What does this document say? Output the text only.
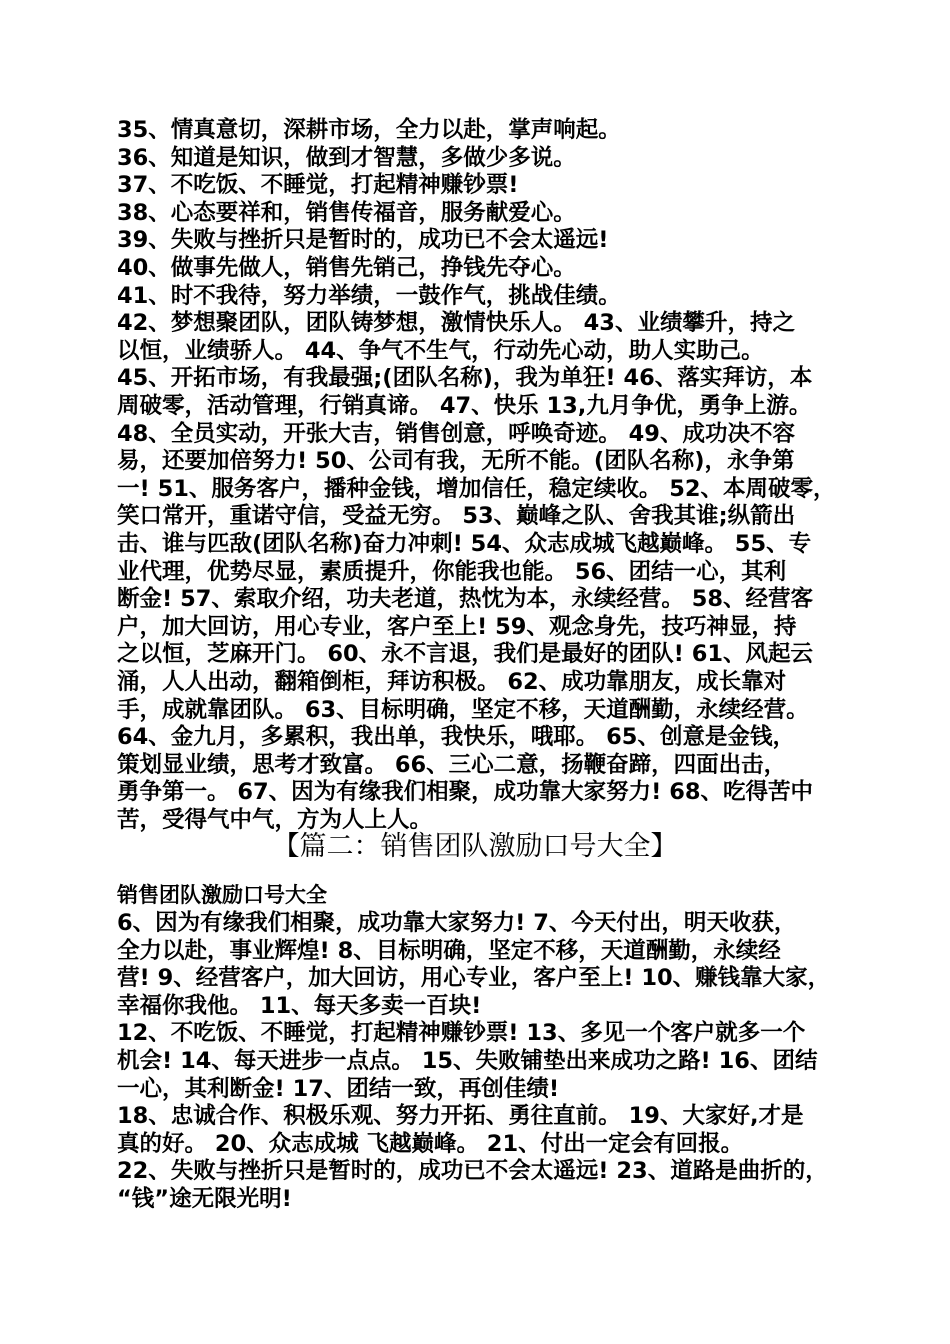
35、情真意切，深耕市场，全力以赴，掌声响起。
36、知道是知识，做到才智慧，多做少多说。
37、不吃饭、不睡觉，打起精神赚钞票!
38、心态要祥和，销售传福音，服务献爱心。
39、失败与挫折只是暂时的，成功已不会太遥远!
40、做事先做人，销售先销己，挣钱先夺心。
41、时不我待，努力举绩，一鼓作气，挑战佳绩。
42、梦想聚团队，团队铸梦想，激情快乐人。 43、业绩攀升，持之
以恒，业绩骄人。 44、争气不生气，行动先心动，助人实助己。
45、开拓市场，有我最强;(团队名称)，我为单狂! 46、落实拜访，本
周破零，活动管理，行销真谛。 47、快乐 13,九月争优，勇争上游。
48、全员实动，开张大吉，销售创意，呼唤奇迹。 49、成功决不容
易，还要加倍努力! 50、公司有我，无所不能。(团队名称)，永争第
一! 51、服务客户，播种金钱，增加信任，稳定续收。 52、本周破零，
笑口常开，重诺守信，受益无穷。 53、巅峰之队、舍我其谁;纵箭出
击、谁与匹敌(团队名称)奋力冲刺! 54、众志成城飞越巅峰。 55、专
业代理，优势尽显，素质提升，你能我也能。 56、团结一心，其利
断金! 57、索取介绍，功夫老道，热忱为本，永续经营。 58、经营客
户，加大回访，用心专业，客户至上! 59、观念身先，技巧神显，持
之以恒，芝麻开门。 60、永不言退，我们是最好的团队! 61、风起云
涌，人人出动，翻箱倒柜，拜访积极。 62、成功靠朋友，成长靠对
手，成就靠团队。 63、目标明确，坚定不移，天道酬勤，永续经营。
64、金九月，多累积，我出单，我快乐，哦耶。 65、创意是金钱，
策划显业绩，思考才致富。 66、三心二意，扬鞭奋蹄，四面出击，
勇争第一。 67、因为有缘我们相聚，成功靠大家努力! 68、吃得苦中
苦，受得气中气，方为人上人。
【篇二：销售团队激励口号大全】
销售团队激励口号大全
6、因为有缘我们相聚，成功靠大家努力! 7、今天付出，明天收获，
全力以赴，事业辉煌! 8、目标明确，坚定不移，天道酬勤，永续经
营! 9、经营客户，加大回访，用心专业，客户至上! 10、赚钱靠大家，
幸福你我他。 11、每天多卖一百块!
12、不吃饭、不睡觉，打起精神赚钞票! 13、多见一个客户就多一个
机会! 14、每天进步一点点。 15、失败铺垫出来成功之路! 16、团结
一心，其利断金! 17、团结一致，再创佳绩!
18、忠诚合作、积极乐观、努力开拓、勇往直前。 19、大家好,才是
真的好。 20、众志成城 飞越巅峰。 21、付出一定会有回报。
22、失败与挫折只是暂时的，成功已不会太遥远! 23、道路是曲折的，
“钱”途无限光明!
